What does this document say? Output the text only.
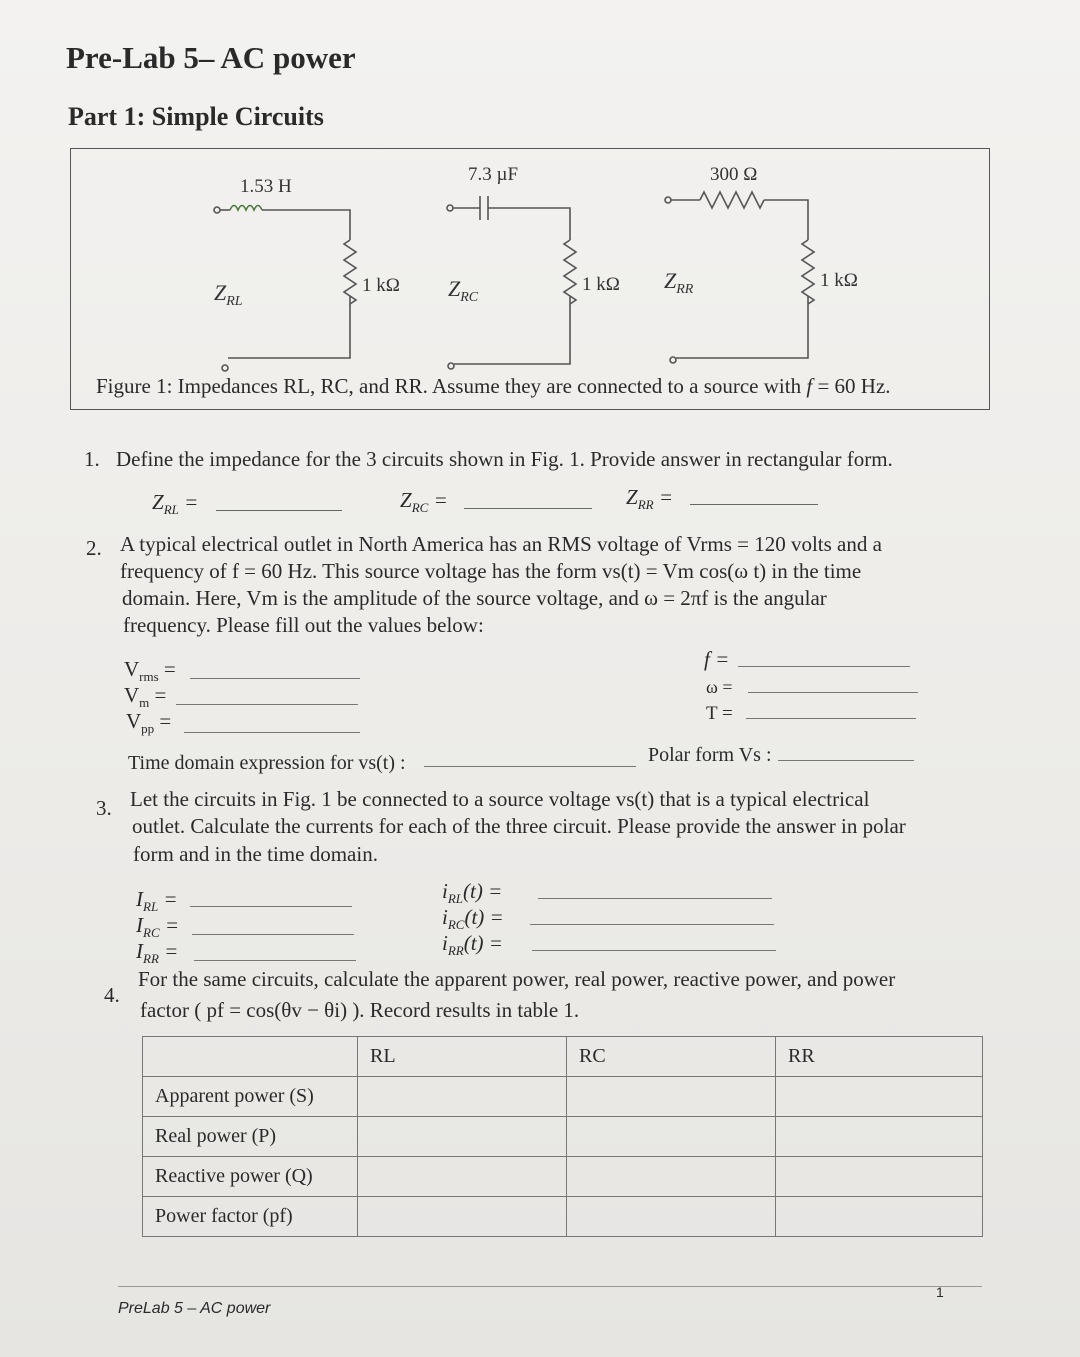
Pre-Lab 5– AC power
Part 1: Simple Circuits
1.53 H
7.3 µF	300 Ω
1 kΩ	1 kΩ	1 kΩ
$Z_{RL}$
$Z_{RC}$
$Z_{RR}$
Figure 1: Impedances RL, RC, and RR. Assume they are connected to a source with f = 60 Hz.
1. Define the impedance for the 3 circuits shown in Fig. 1. Provide answer in rectangular form.
$Z_{RL}$ =	$Z_{RC}$ =	$Z_{RR}$ =
2. A typical electrical outlet in North America has an RMS voltage of Vrms = 120 volts and a
frequency of f = 60 Hz. This source voltage has the form vs(t) = Vm cos(ω t) in the time
domain. Here, Vm is the amplitude of the source voltage, and ω = 2πf is the angular
frequency. Please fill out the values below:
$V_{rms}$ =
$V_m$ =
$V_{pp}$ =
f =
ω =
T =
Time domain expression for vs(t) :	Polar form Vs :
3. Let the circuits in Fig. 1 be connected to a source voltage vs(t) that is a typical electrical
outlet. Calculate the currents for each of the three circuit. Please provide the answer in polar
form and in the time domain.
$I_{RL}$ =
$I_{RC}$ =
$I_{RR}$ =
$i_{RL}(t)$ =
$i_{RC}(t)$ =
$i_{RR}(t)$ =
4.
For the same circuits, calculate the apparent power, real power, reactive power, and power
factor ( pf = cos(θv − θi) ). Record results in table 1.
	RL	RC	RR
Apparent power (S)			
Real power (P)			
Reactive power (Q)			
Power factor (pf)			
PreLab 5 – AC power
1
